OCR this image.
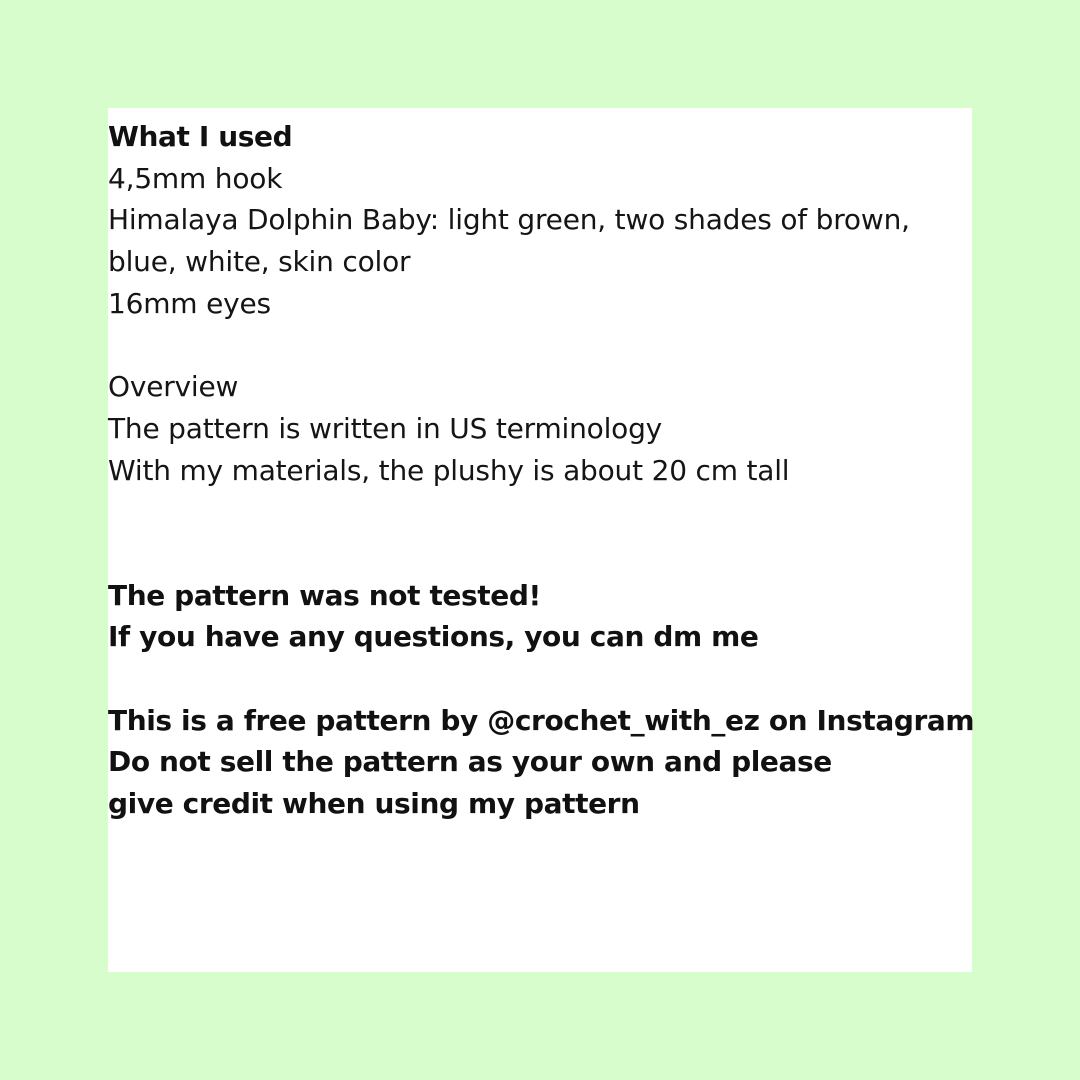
What I used
4,5mm hook
Himalaya Dolphin Baby: light green, two shades of brown,
blue, white, skin color
16mm eyes
Overview
The pattern is written in US terminology
With my materials, the plushy is about 20 cm tall
The pattern was not tested!
If you have any questions, you can dm me
This is a free pattern by @crochet_with_ez on Instagram
Do not sell the pattern as your own and please
give credit when using my pattern
